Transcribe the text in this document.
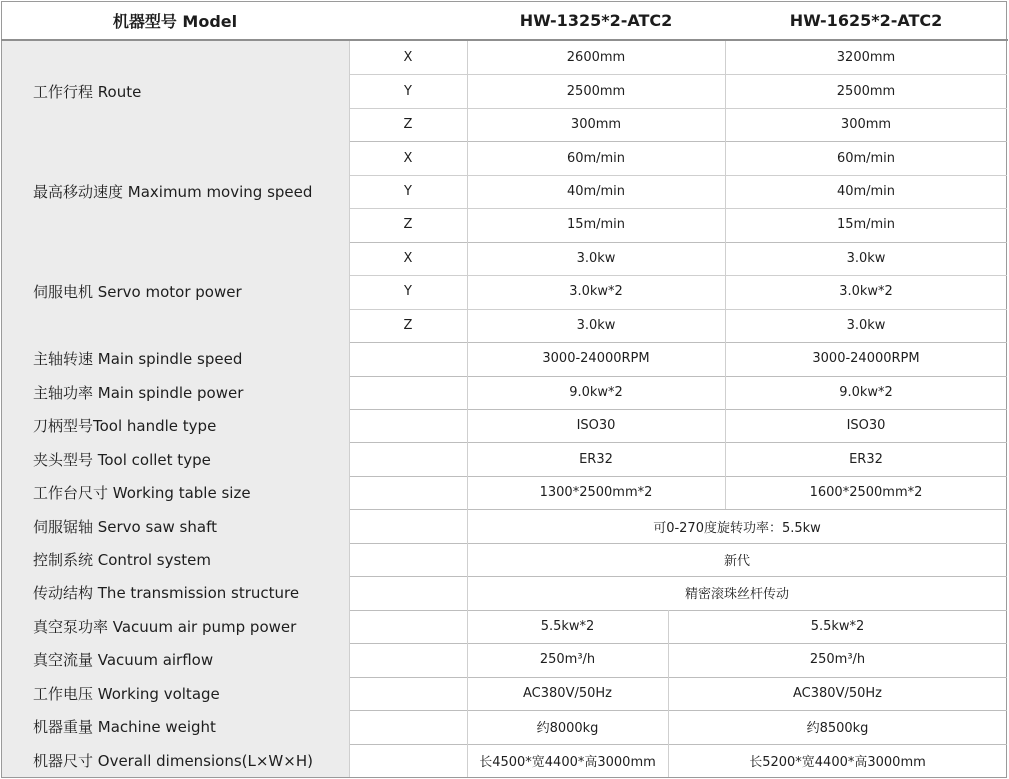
机器型号 Model	HW-1325*2-ATC2	HW-1625*2-ATC2
工作行程 Route
X	2600mm	3200mm
Y	2500mm	2500mm
Z	300mm	300mm
最高移动速度 Maximum moving speed
X	60m/min	60m/min
Y	40m/min	40m/min
Z	15m/min	15m/min
伺服电机 Servo motor power
X	3.0kw	3.0kw
Y	3.0kw*2	3.0kw*2
Z	3.0kw	3.0kw
主轴转速 Main spindle speed	3000-24000RPM	3000-24000RPM
主轴功率 Main spindle power	9.0kw*2	9.0kw*2
刀柄型号Tool handle type	ISO30	ISO30
夹头型号 Tool collet type	ER32	ER32
工作台尺寸 Working table size	1300*2500mm*2	1600*2500mm*2
伺服锯轴 Servo saw shaft	可0-270度旋转功率：5.5kw
控制系统 Control system	新代
传动结构 The transmission structure	精密滚珠丝杆传动
真空泵功率 Vacuum air pump power	5.5kw*2	5.5kw*2
真空流量 Vacuum airflow	250m³/h	250m³/h
工作电压 Working voltage	AC380V/50Hz	AC380V/50Hz
机器重量 Machine weight	约8000kg	约8500kg
机器尺寸 Overall dimensions(L×W×H)	长4500*宽4400*高3000mm	长5200*宽4400*高3000mm
